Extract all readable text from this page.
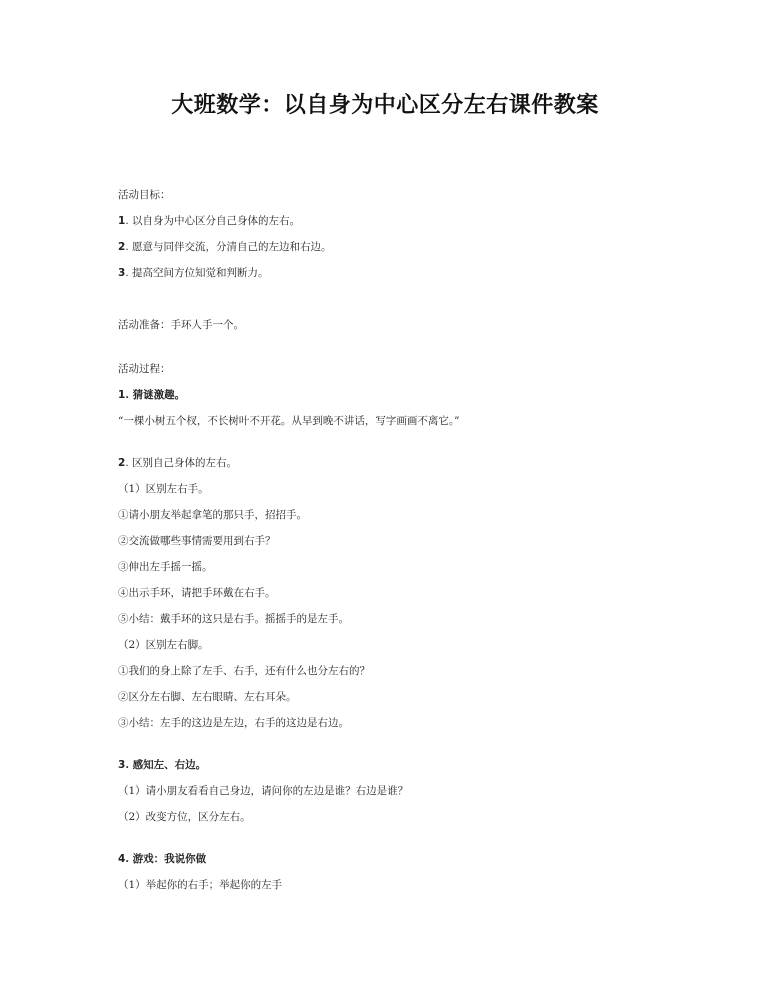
大班数学：以自身为中心区分左右课件教案
活动目标：
1. 以自身为中心区分自己身体的左右。
2. 愿意与同伴交流，分清自己的左边和右边。
3. 提高空间方位知觉和判断力。
活动准备：手环人手一个。
活动过程：
1. 猜谜激趣。
“一棵小树五个杈，不长树叶不开花。从早到晚不讲话，写字画画不离它。”
2. 区别自己身体的左右。
（1）区别左右手。
①请小朋友举起拿笔的那只手，招招手。
②交流做哪些事情需要用到右手？
③伸出左手摇一摇。
④出示手环，请把手环戴在右手。
⑤小结：戴手环的这只是右手。摇摇手的是左手。
（2）区别左右脚。
①我们的身上除了左手、右手，还有什么也分左右的？
②区分左右脚、左右眼睛、左右耳朵。
③小结：左手的这边是左边，右手的这边是右边。
3. 感知左、右边。
（1）请小朋友看看自己身边，请问你的左边是谁？右边是谁？
（2）改变方位，区分左右。
4. 游戏：我说你做
（1）举起你的右手；举起你的左手
